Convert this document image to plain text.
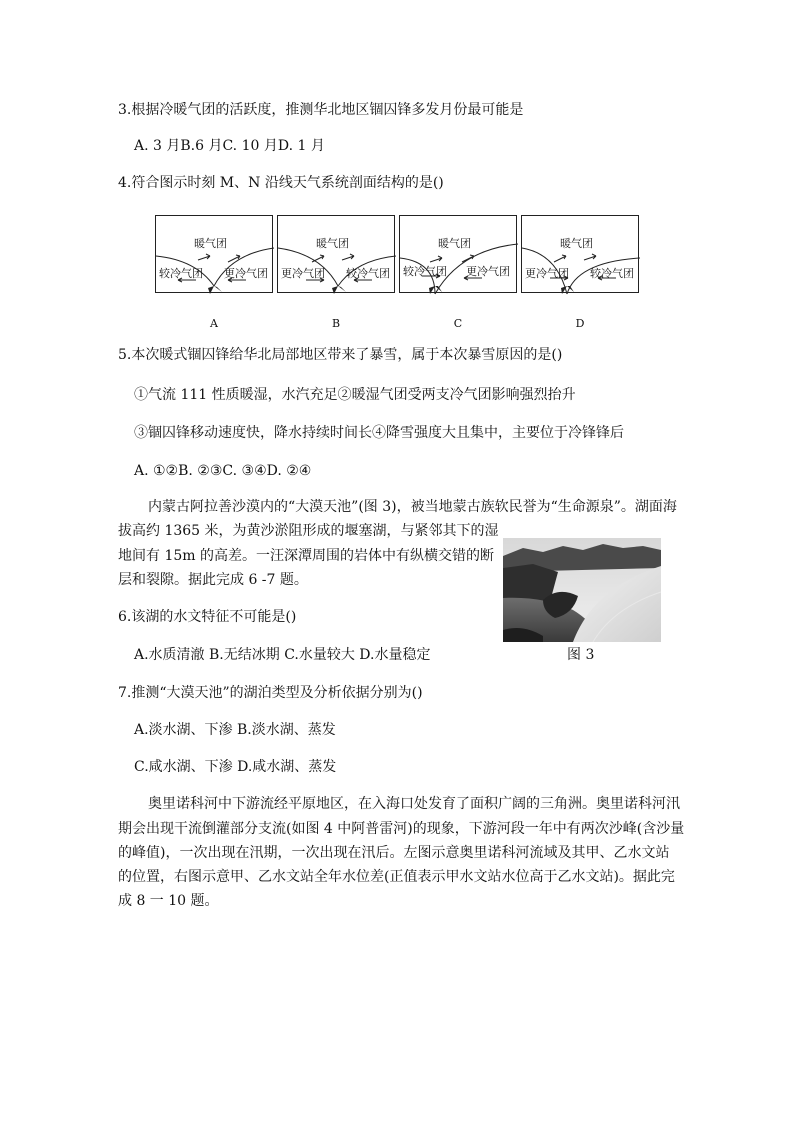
3.根据冷暖气团的活跃度，推测华北地区锢囚锋多发月份最可能是
A. 3 月B.6 月C. 10 月D. 1 月
4.符合图示时刻 M、N 沿线天气系统剖面结构的是()
暖气团
较冷气团 更冷气团
A
暖气团
更冷气团 较冷气团
B
暖气团
较冷气团 更冷气团
C
暖气团
更冷气团 较冷气团
D
5.本次暖式锢囚锋给华北局部地区带来了暴雪，属于本次暴雪原因的是()
①气流 111 性质暖湿，水汽充足②暖湿气团受两支冷气团影响强烈抬升
③锢囚锋移动速度快，降水持续时间长④降雪强度大且集中，主要位于冷锋锋后
A. ①②B. ②③C. ③④D. ②④
内蒙古阿拉善沙漠内的“大漠天池”(图 3)，被当地蒙古族软民誉为“生命源泉”。湖面海
拔高约 1365 米，为黄沙淤阻形成的堰塞湖，与紧邻其下的湿
地间有 15m 的高差。一汪深潭周围的岩体中有纵横交错的断
层和裂隙。据此完成 6 -7 题。
图 3
6.该湖的水文特征不可能是()
A.水质清澈 B.无结冰期 C.水量较大 D.水量稳定
7.推测“大漠天池”的湖泊类型及分析依据分别为()
A.淡水湖、下渗 B.淡水湖、蒸发
C.咸水湖、下渗 D.咸水湖、蒸发
奥里诺科河中下游流经平原地区，在入海口处发育了面积广阔的三角洲。奥里诺科河汛
期会出现干流倒灌部分支流(如图 4 中阿普雷河)的现象，下游河段一年中有两次沙峰(含沙量
的峰值)，一次出现在汛期，一次出现在汛后。左图示意奥里诺科河流域及其甲、乙水文站
的位置，右图示意甲、乙水文站全年水位差(正值表示甲水文站水位高于乙水文站)。据此完
成 8 一 10 题。
